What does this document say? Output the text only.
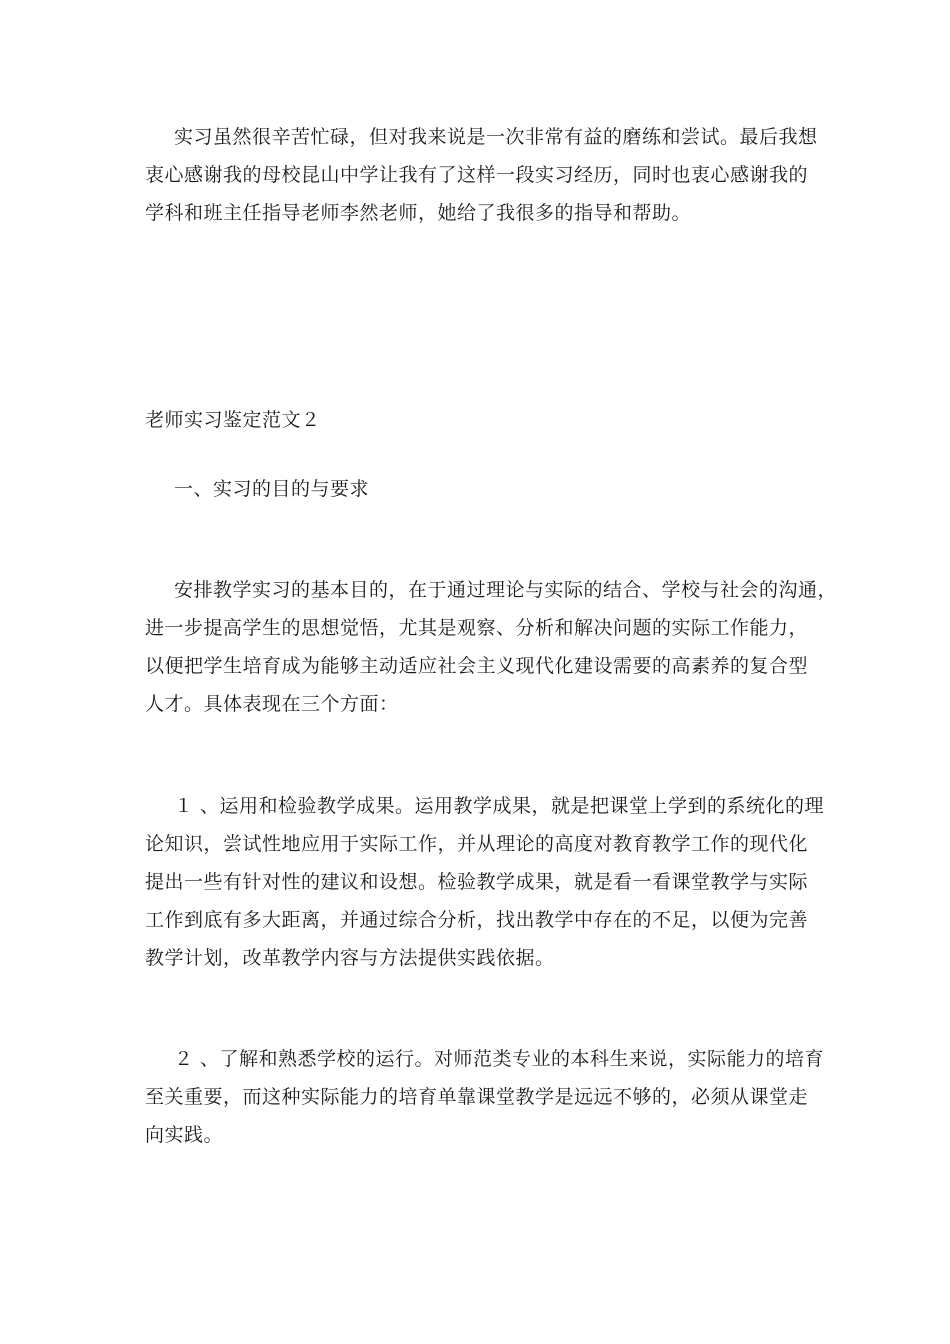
实习虽然很辛苦忙碌，但对我来说是一次非常有益的磨练和尝试。最后我想
衷心感谢我的母校昆山中学让我有了这样一段实习经历，同时也衷心感谢我的
学科和班主任指导老师李然老师，她给了我很多的指导和帮助。
老师实习鉴定范文２
一、实习的目的与要求
安排教学实习的基本目的，在于通过理论与实际的结合、学校与社会的沟通，
进一步提高学生的思想觉悟，尤其是观察、分析和解决问题的实际工作能力，
以便把学生培育成为能够主动适应社会主义现代化建设需要的高素养的复合型
人才。具体表现在三个方面：
１ 、运用和检验教学成果。运用教学成果，就是把课堂上学到的系统化的理
论知识，尝试性地应用于实际工作，并从理论的高度对教育教学工作的现代化
提出一些有针对性的建议和设想。检验教学成果，就是看一看课堂教学与实际
工作到底有多大距离，并通过综合分析，找出教学中存在的不足，以便为完善
教学计划，改革教学内容与方法提供实践依据。
２ 、了解和熟悉学校的运行。对师范类专业的本科生来说，实际能力的培育
至关重要，而这种实际能力的培育单靠课堂教学是远远不够的，必须从课堂走
向实践。
